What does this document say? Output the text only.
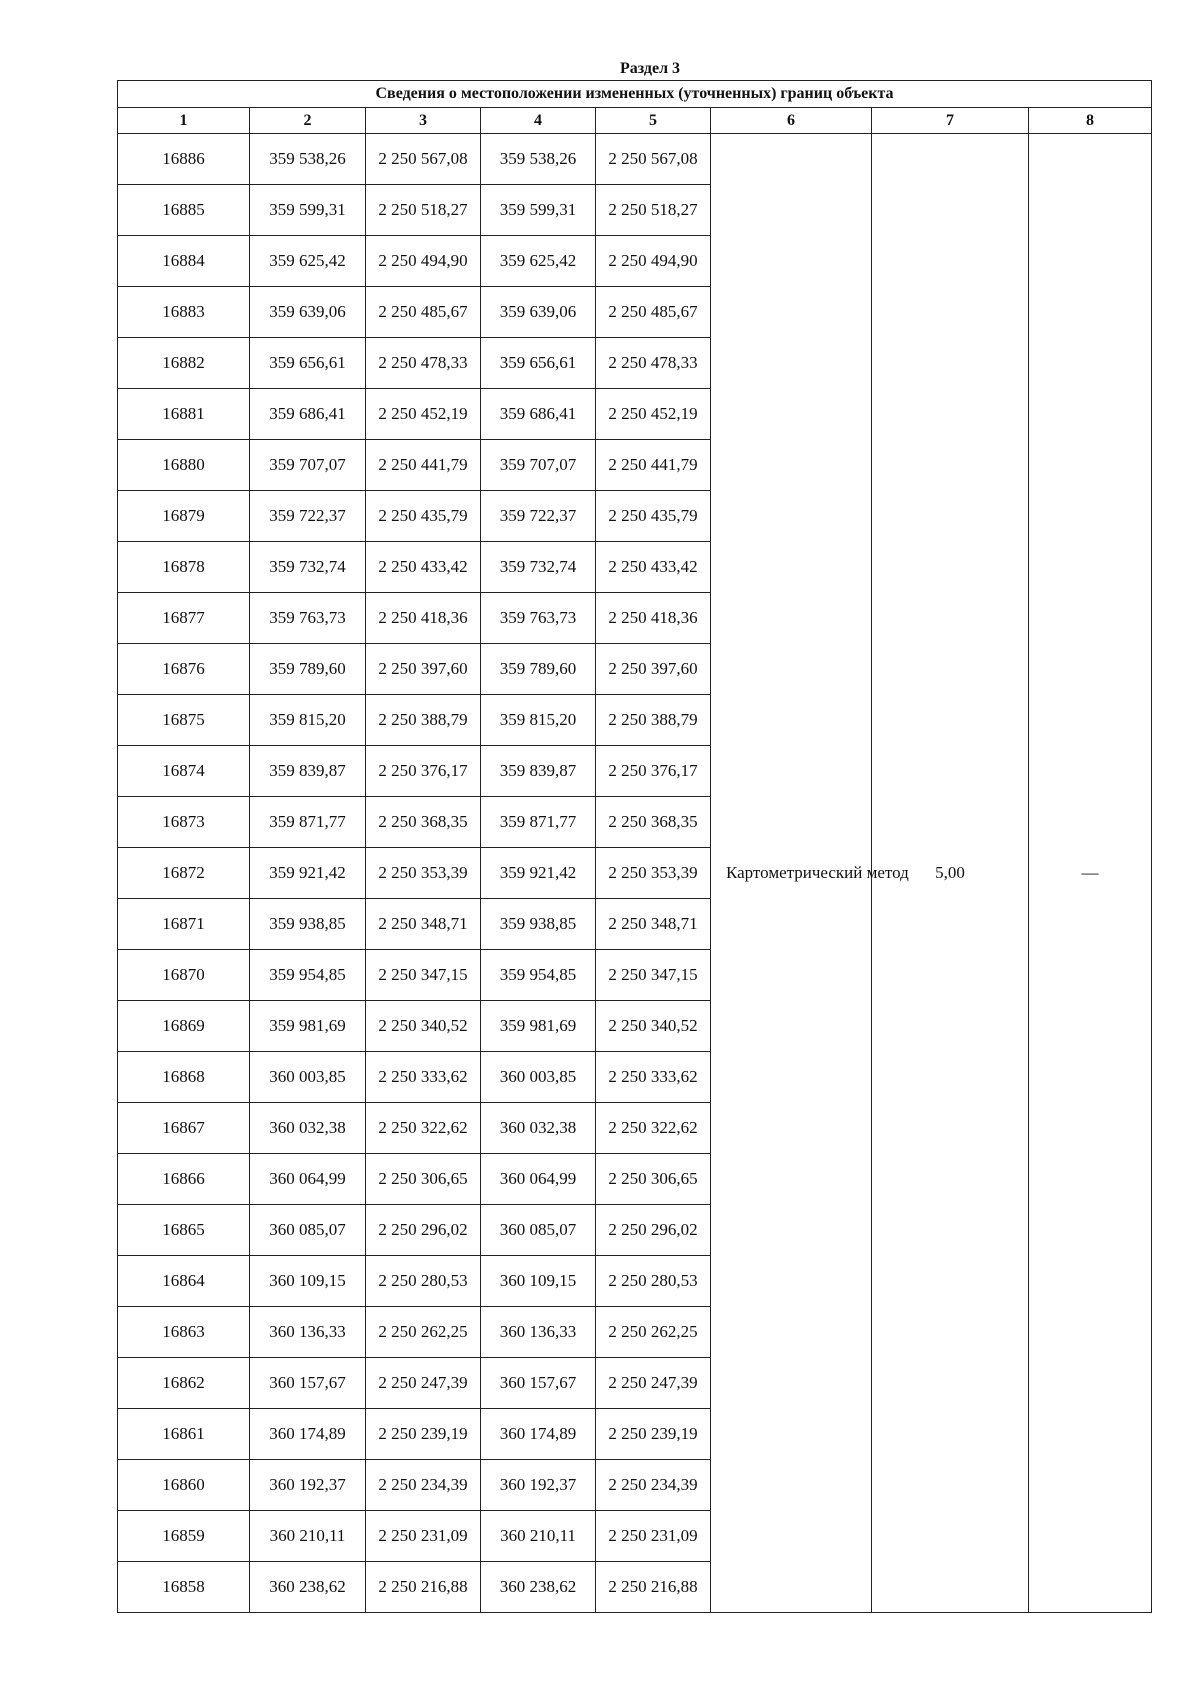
Раздел 3
Сведения о местоположении измененных (уточненных) границ объекта							
1	2	3	4	5	6	7	8
16886	359 538,26	2 250 567,08	359 538,26	2 250 567,08	Картометрический метод	5,00	—
16885	359 599,31	2 250 518,27	359 599,31	2 250 518,27			
16884	359 625,42	2 250 494,90	359 625,42	2 250 494,90			
16883	359 639,06	2 250 485,67	359 639,06	2 250 485,67			
16882	359 656,61	2 250 478,33	359 656,61	2 250 478,33			
16881	359 686,41	2 250 452,19	359 686,41	2 250 452,19			
16880	359 707,07	2 250 441,79	359 707,07	2 250 441,79			
16879	359 722,37	2 250 435,79	359 722,37	2 250 435,79			
16878	359 732,74	2 250 433,42	359 732,74	2 250 433,42			
16877	359 763,73	2 250 418,36	359 763,73	2 250 418,36			
16876	359 789,60	2 250 397,60	359 789,60	2 250 397,60			
16875	359 815,20	2 250 388,79	359 815,20	2 250 388,79			
16874	359 839,87	2 250 376,17	359 839,87	2 250 376,17			
16873	359 871,77	2 250 368,35	359 871,77	2 250 368,35			
16872	359 921,42	2 250 353,39	359 921,42	2 250 353,39			
16871	359 938,85	2 250 348,71	359 938,85	2 250 348,71			
16870	359 954,85	2 250 347,15	359 954,85	2 250 347,15			
16869	359 981,69	2 250 340,52	359 981,69	2 250 340,52			
16868	360 003,85	2 250 333,62	360 003,85	2 250 333,62			
16867	360 032,38	2 250 322,62	360 032,38	2 250 322,62			
16866	360 064,99	2 250 306,65	360 064,99	2 250 306,65			
16865	360 085,07	2 250 296,02	360 085,07	2 250 296,02			
16864	360 109,15	2 250 280,53	360 109,15	2 250 280,53			
16863	360 136,33	2 250 262,25	360 136,33	2 250 262,25			
16862	360 157,67	2 250 247,39	360 157,67	2 250 247,39			
16861	360 174,89	2 250 239,19	360 174,89	2 250 239,19			
16860	360 192,37	2 250 234,39	360 192,37	2 250 234,39			
16859	360 210,11	2 250 231,09	360 210,11	2 250 231,09			
16858	360 238,62	2 250 216,88	360 238,62	2 250 216,88			
